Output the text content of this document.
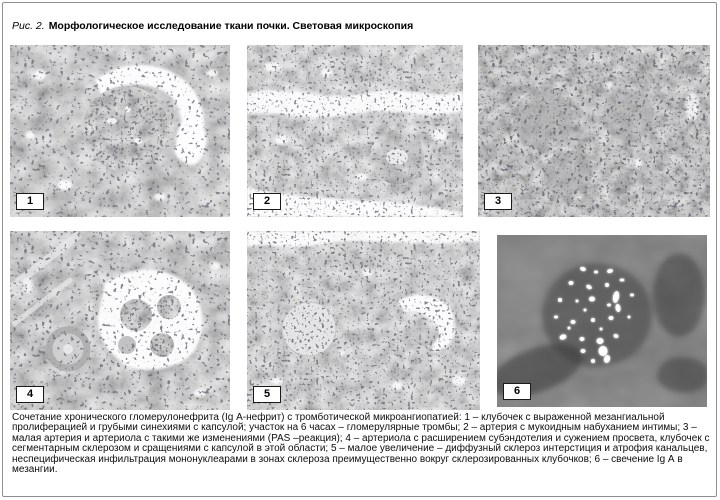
Рис. 2. Морфологическое исследование ткани почки. Световая микроскопия
1	2	3
4	5	6

Сочетание хронического гломерулонефрита (Ig А-нефрит) с тромботической микроангиопатией: 1 – клубочек с выраженной мезангиальной пролиферацией и грубыми синехиями с капсулой; участок на 6 часах – гломерулярные тромбы; 2 – артерия с мукоидным набуханием интимы; 3 – малая артерия и артериола с такими же изменениями (PAS –реакция); 4 – артериола с расширением субэндотелия и сужением просвета, клубочек с сегментарным склерозом и сращениями с капсулой в этой области; 5 – малое увеличение – диффузный склероз интерстиция и атрофия канальцев, неспецифическая инфильтрация мононуклеарами в зонах склероза преимущественно вокруг склерозированных клубочков; 6 – свечение Ig А в мезангии.
